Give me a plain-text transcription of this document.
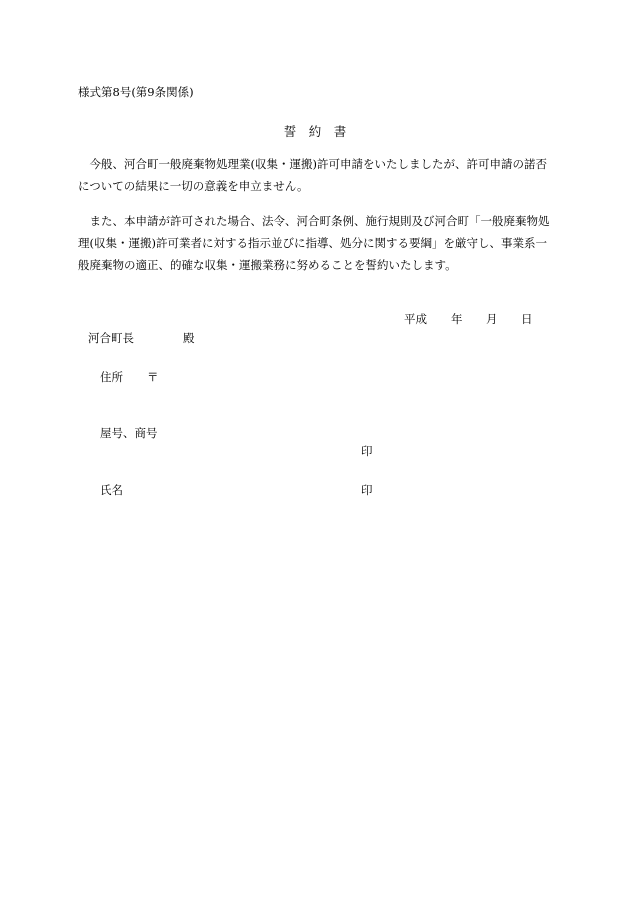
様式第8号(第9条関係)
誓　約　書

今般、河合町一般廃棄物処理業(収集・運搬)許可申請をいたしましたが、許可申請の諾否についての結果に一切の意義を申立ません。

また、本申請が許可された場合、法令、河合町条例、施行規則及び河合町「一般廃棄物処理(収集・運搬)許可業者に対する指示並びに指導、処分に関する要綱」を厳守し、事業系一般廃棄物の適正、的確な収集・運搬業務に努めることを誓約いたします。

平成 年 月 日
河合町長	殿
住所 〒
屋号、商号
印
氏名	印
